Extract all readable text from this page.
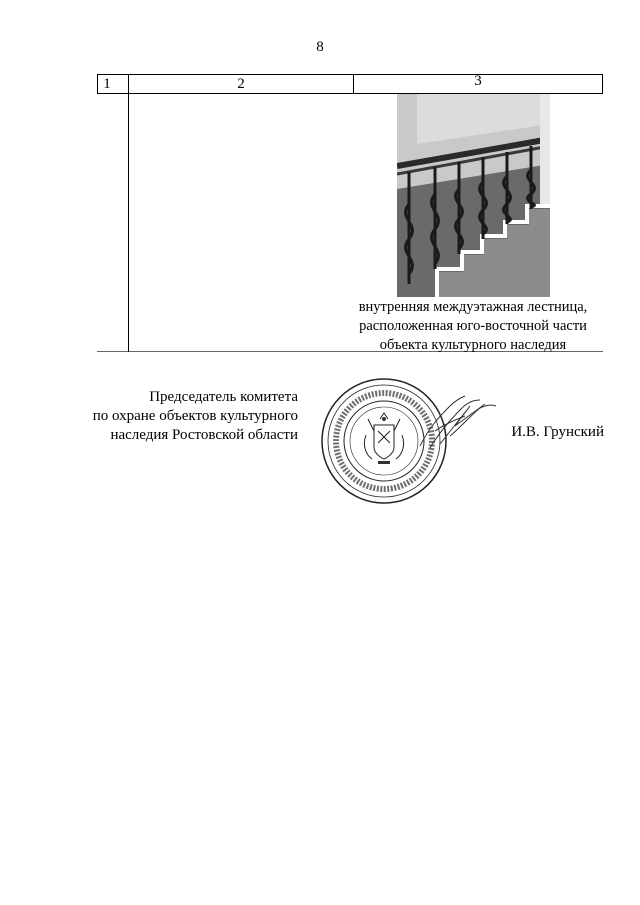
8
1	2	3
внутренняя междуэтажная лестница,
расположенная юго-восточной части
объекта культурного наследия
Председатель комитета
по охране объектов культурного
наследия Ростовской области	И.В. Грунский
